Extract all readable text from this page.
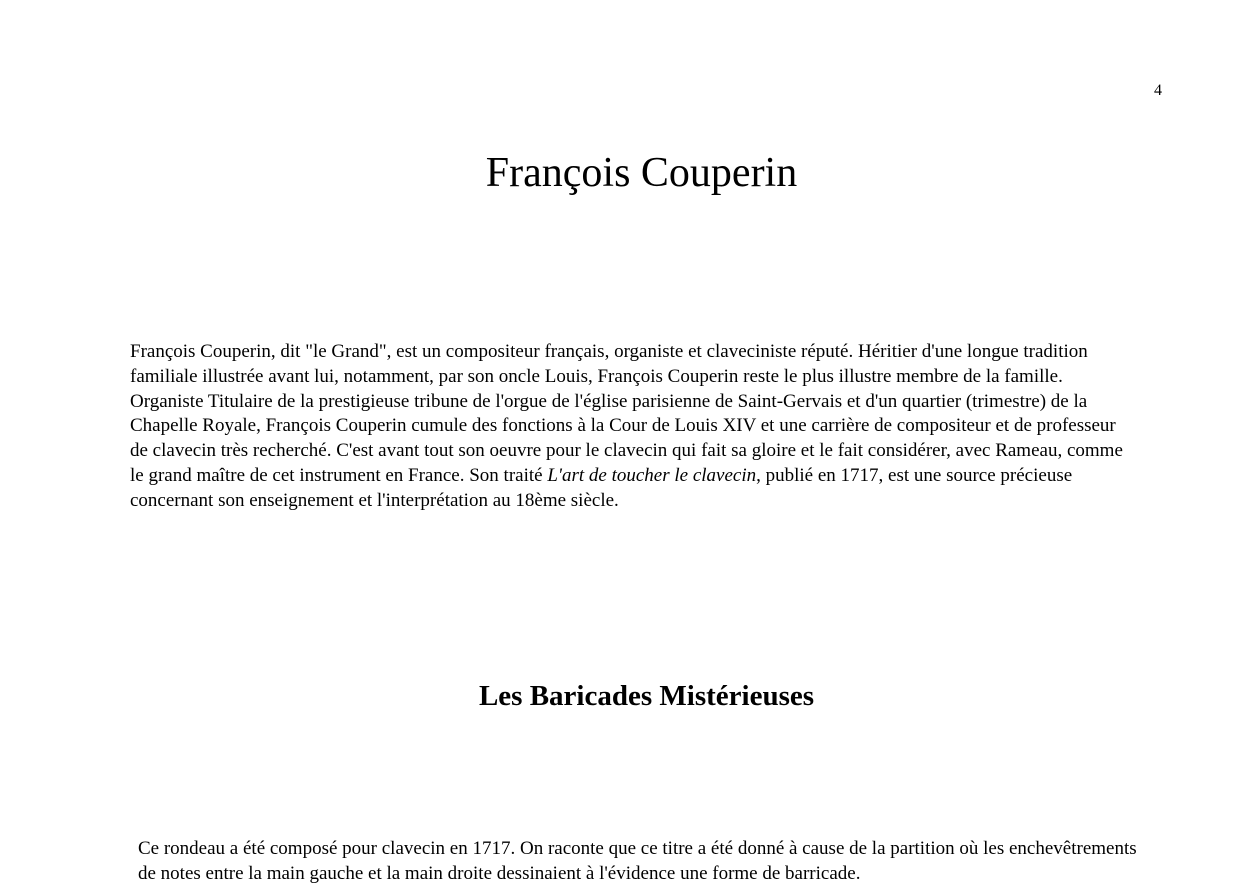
4
François Couperin

François Couperin, dit "le Grand", est un compositeur français, organiste et claveciniste réputé. Héritier d'une longue tradition familiale illustrée avant lui, notamment, par son oncle Louis, François Couperin reste le plus illustre membre de la famille. Organiste Titulaire de la prestigieuse tribune de l'orgue de l'église parisienne de Saint-Gervais et d'un quartier (trimestre) de la Chapelle Royale, François Couperin cumule des fonctions à la Cour de Louis XIV et une carrière de compositeur et de professeur de clavecin très recherché. C'est avant tout son oeuvre pour le clavecin qui fait sa gloire et le fait considérer, avec Rameau, comme le grand maître de cet instrument en France. Son traité L'art de toucher le clavecin, publié en 1717, est une source précieuse concernant son enseignement et l'interprétation au 18ème siècle.

Les Baricades Mistérieuses

Ce rondeau a été composé pour clavecin en 1717. On raconte que ce titre a été donné à cause de la partition où les enchevêtrements de notes entre la main gauche et la main droite dessinaient à l'évidence une forme de barricade.
